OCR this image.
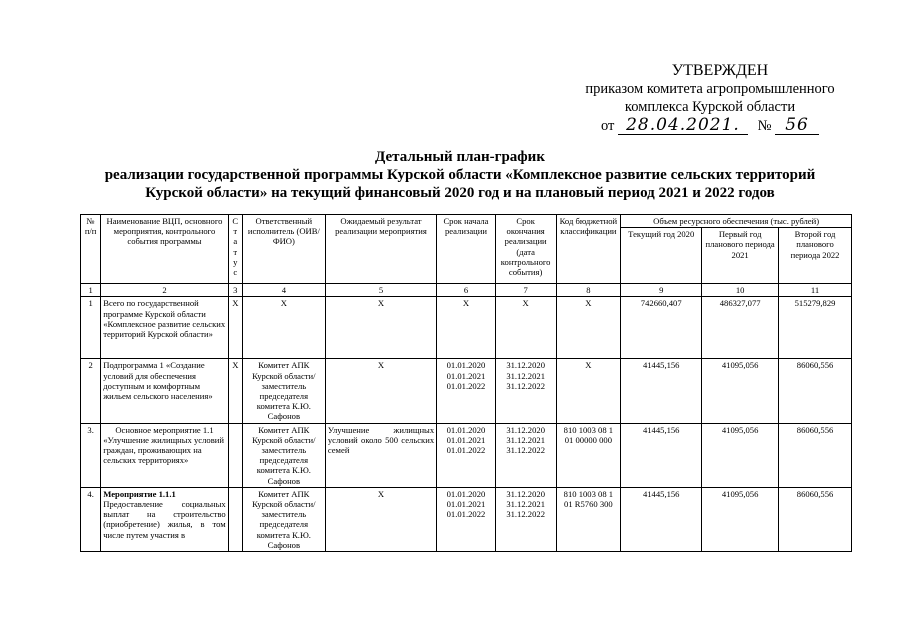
УТВЕРЖДЕН
приказом комитета агропромышленного
комплекса Курской области
от 28.04.2021. № 56
Детальный план-график
реализации государственной программы Курской области «Комплексное развитие сельских территорий
Курской области» на текущий финансовый 2020 год и на плановый период 2021 и 2022 годов
№ п/п	Наименование ВЦП, основного мероприятия, контрольного события программы	С т а т у с	Ответственный исполнитель (ОИВ/ФИО)	Ожидаемый результат реализации мероприятия	Срок начала реализации	Срок окончания реализации (дата контрольного события)	Код бюджетной классификации	Объем ресурсного обеспечения (тыс. рублей)		
								Текущий год 2020	Первый год планового периода 2021	Второй год планового периода 2022
1	2	3	4	5	6	7	8	9	10	11
1	Всего по государственной программе Курской области «Комплексное развитие сельских территорий Курской области»	Х	Х	Х	Х	Х	Х	742660,407	486327,077	515279,829
2	Подпрограмма 1 «Создание условий для обеспечения доступным и комфортным жильем сельского населения»	Х	Комитет АПК Курской области/заместитель председателя комитета К.Ю. Сафонов	Х	01.01.2020 01.01.2021 01.01.2022	31.12.2020 31.12.2021 31.12.2022	Х	41445,156	41095,056	86060,556
3.	Основное мероприятие 1.1
«Улучшение жилищных условий граждан, проживающих на сельских территориях»		Комитет АПК Курской области/заместитель председателя комитета К.Ю. Сафонов	Улучшение жилищных условий около 500 сельских семей	01.01.2020 01.01.2021 01.01.2022	31.12.2020 31.12.2021 31.12.2022	810 1003 08 1 01 00000 000	41445,156	41095,056	86060,556
4.	Мероприятие 1.1.1
Предоставление социальных выплат на строительство (приобретение) жилья, в том числе путем участия в		Комитет АПК Курской области/заместитель председателя комитета К.Ю. Сафонов	Х	01.01.2020 01.01.2021 01.01.2022	31.12.2020 31.12.2021 31.12.2022	810 1003 08 1 01 R5760 300	41445,156	41095,056	86060,556
